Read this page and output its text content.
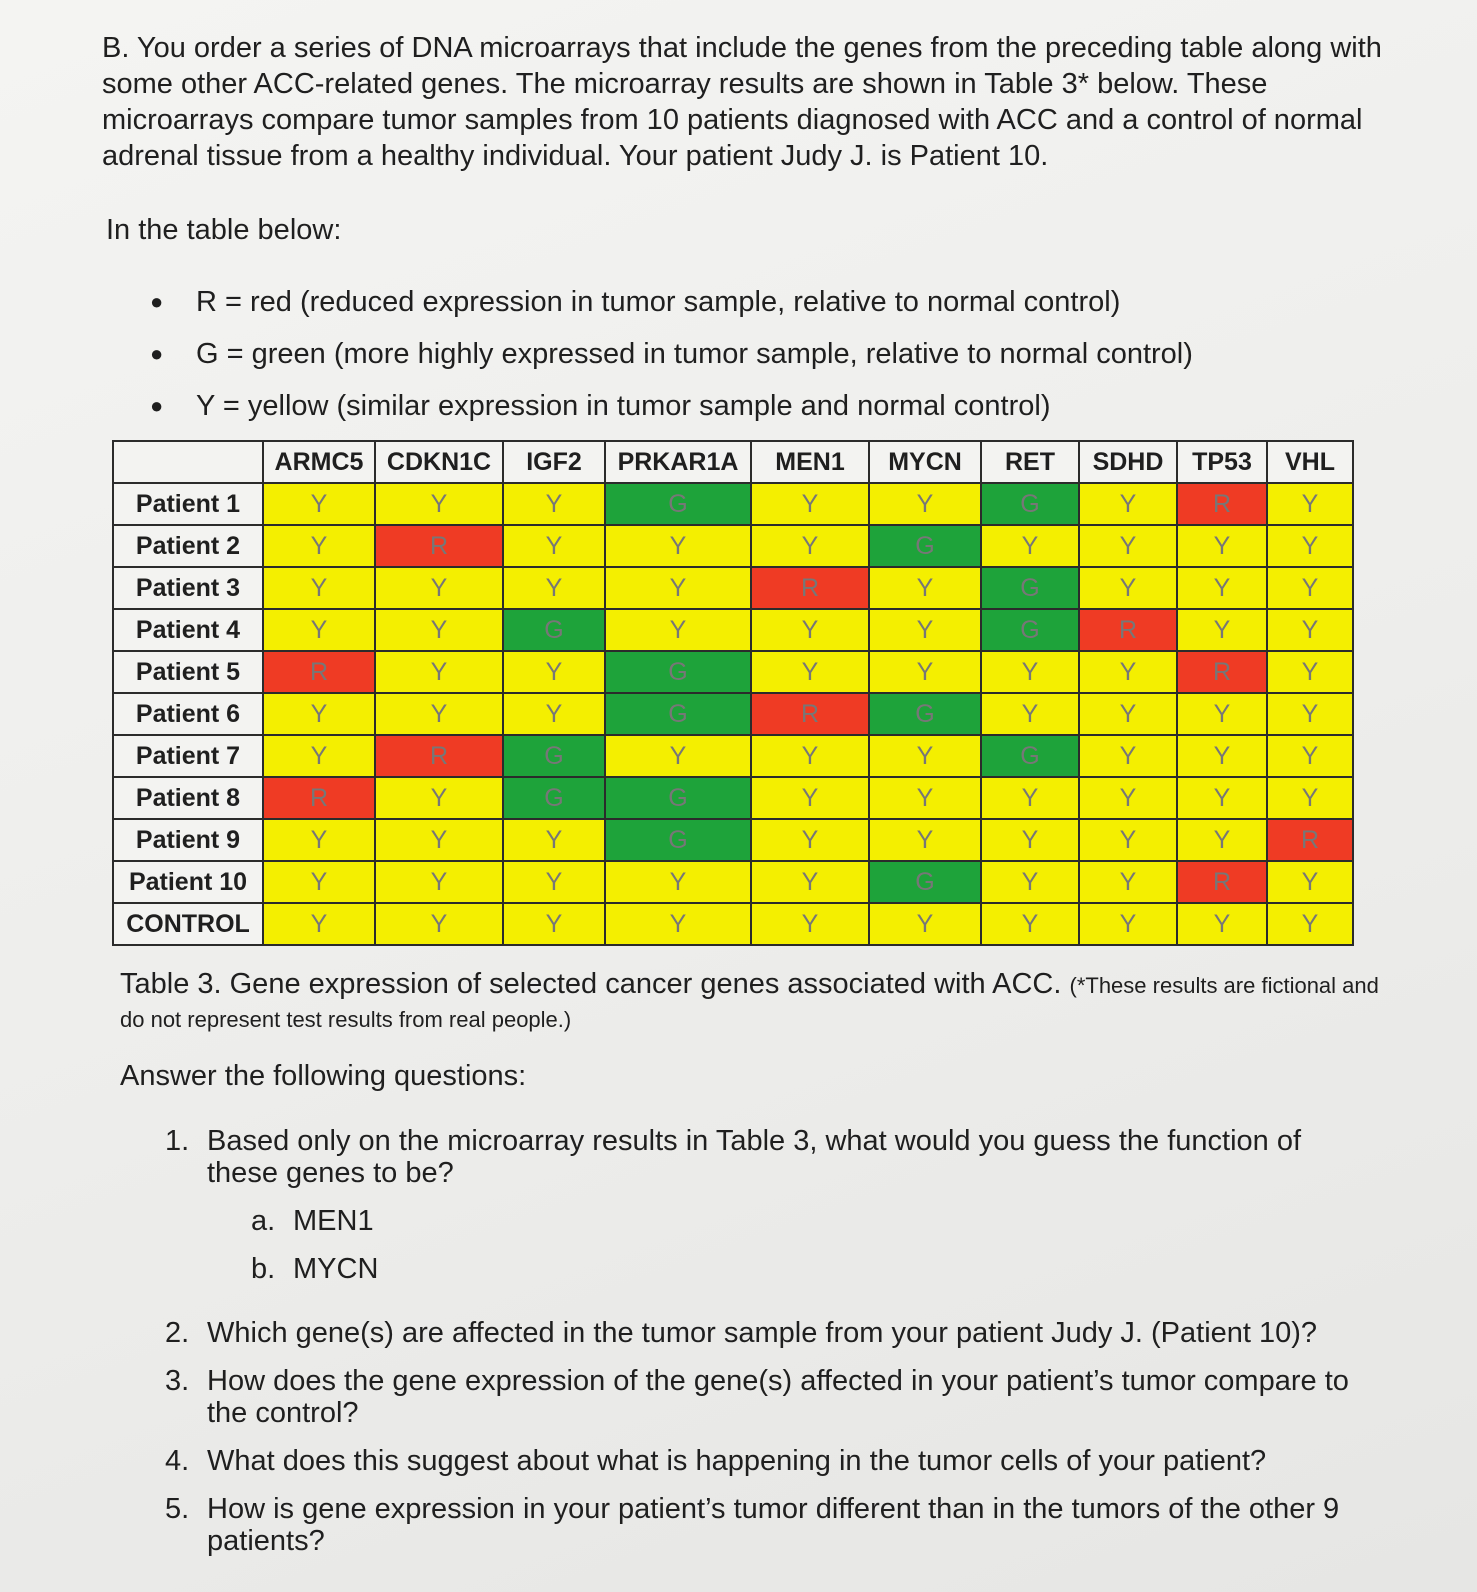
B. You order a series of DNA microarrays that include the genes from the preceding table along with some other ACC-related genes. The microarray results are shown in Table 3* below. These microarrays compare tumor samples from 10 patients diagnosed with ACC and a control of normal adrenal tissue from a healthy individual. Your patient Judy J. is Patient 10.

In the table below:

●	R = red (reduced expression in tumor sample, relative to normal control)
●	G = green (more highly expressed in tumor sample, relative to normal control)
●	Y = yellow (similar expression in tumor sample and normal control)
	ARMC5	CDKN1C	IGF2	PRKAR1A	MEN1	MYCN	RET	SDHD	TP53	VHL
Patient 1	Y	Y	Y	G	Y	Y	G	Y	R	Y
Patient 2	Y	R	Y	Y	Y	G	Y	Y	Y	Y
Patient 3	Y	Y	Y	Y	R	Y	G	Y	Y	Y
Patient 4	Y	Y	G	Y	Y	Y	G	R	Y	Y
Patient 5	R	Y	Y	G	Y	Y	Y	Y	R	Y
Patient 6	Y	Y	Y	G	R	G	Y	Y	Y	Y
Patient 7	Y	R	G	Y	Y	Y	G	Y	Y	Y
Patient 8	R	Y	G	G	Y	Y	Y	Y	Y	Y
Patient 9	Y	Y	Y	G	Y	Y	Y	Y	Y	R
Patient 10	Y	Y	Y	Y	Y	G	Y	Y	R	Y
CONTROL	Y	Y	Y	Y	Y	Y	Y	Y	Y	Y

Table 3. Gene expression of selected cancer genes associated with ACC. (*These results are fictional and do not represent test results from real people.)

Answer the following questions:

1. Based only on the microarray results in Table 3, what would you guess the function of these genes to be?
a. MEN1
b. MYCN
2. Which gene(s) are affected in the tumor sample from your patient Judy J. (Patient 10)?
3. How does the gene expression of the gene(s) affected in your patient’s tumor compare to the control?
4. What does this suggest about what is happening in the tumor cells of your patient?
5. How is gene expression in your patient’s tumor different than in the tumors of the other 9 patients?
